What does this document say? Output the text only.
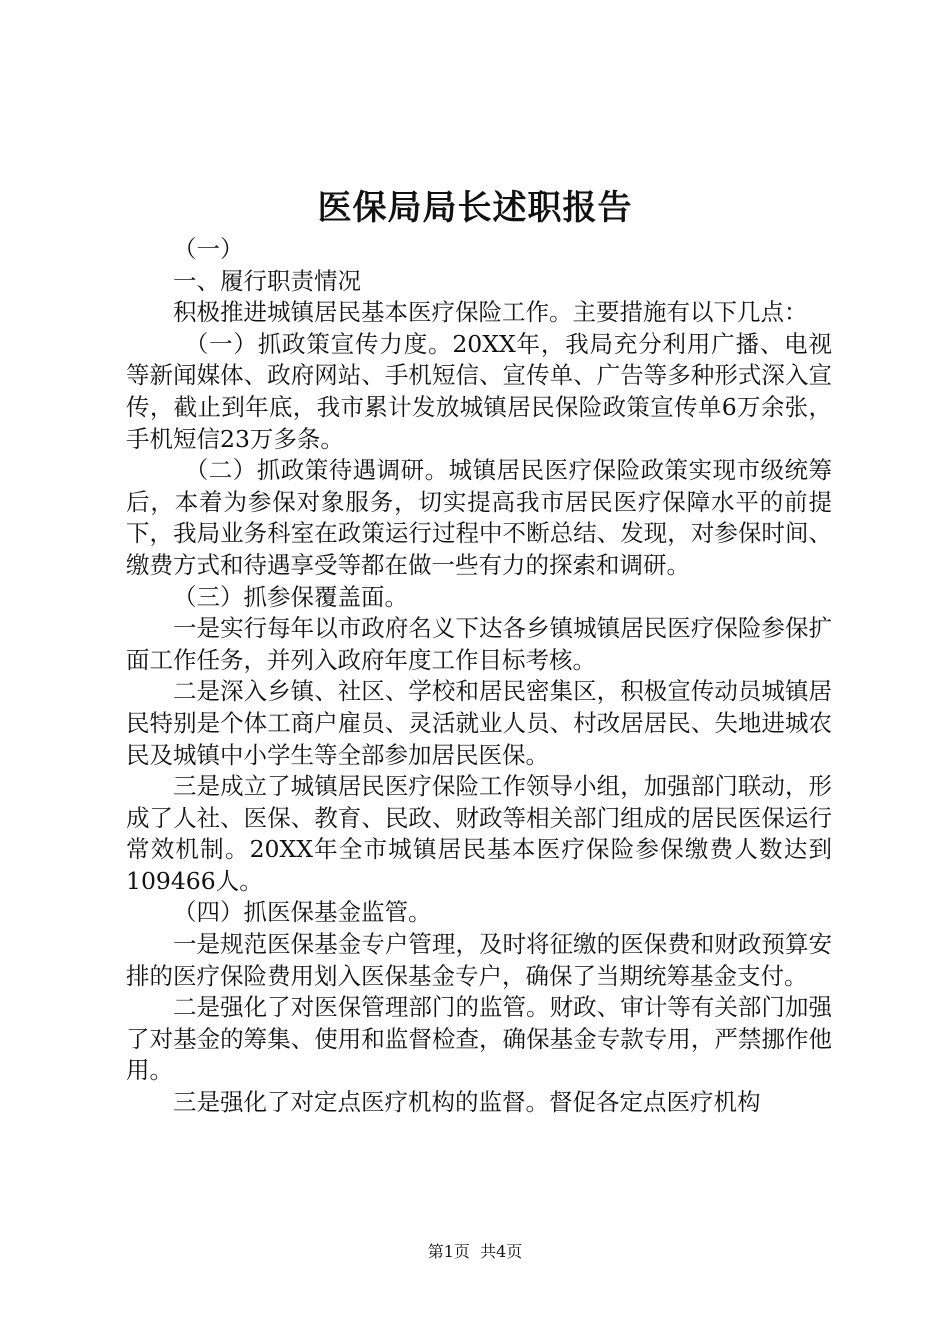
医保局局长述职报告

（一）

一、履行职责情况

积极推进城镇居民基本医疗保险工作。主要措施有以下几点：

（一）抓政策宣传力度。20XX年，我局充分利用广播、电视等新闻媒体、政府网站、手机短信、宣传单、广告等多种形式深入宣传，截止到年底，我市累计发放城镇居民保险政策宣传单6万余张，手机短信23万多条。

（二）抓政策待遇调研。城镇居民医疗保险政策实现市级统筹后，本着为参保对象服务，切实提高我市居民医疗保障水平的前提下，我局业务科室在政策运行过程中不断总结、发现，对参保时间、缴费方式和待遇享受等都在做一些有力的探索和调研。

（三）抓参保覆盖面。

一是实行每年以市政府名义下达各乡镇城镇居民医疗保险参保扩面工作任务，并列入政府年度工作目标考核。

二是深入乡镇、社区、学校和居民密集区，积极宣传动员城镇居民特别是个体工商户雇员、灵活就业人员、村改居居民、失地进城农民及城镇中小学生等全部参加居民医保。

三是成立了城镇居民医疗保险工作领导小组，加强部门联动，形成了人社、医保、教育、民政、财政等相关部门组成的居民医保运行常效机制。20XX年全市城镇居民基本医疗保险参保缴费人数达到109466人。

（四）抓医保基金监管。

一是规范医保基金专户管理，及时将征缴的医保费和财政预算安排的医疗保险费用划入医保基金专户，确保了当期统筹基金支付。

二是强化了对医保管理部门的监管。财政、审计等有关部门加强了对基金的筹集、使用和监督检查，确保基金专款专用，严禁挪作他用。

三是强化了对定点医疗机构的监督。督促各定点医疗机构

第1页  共4页
